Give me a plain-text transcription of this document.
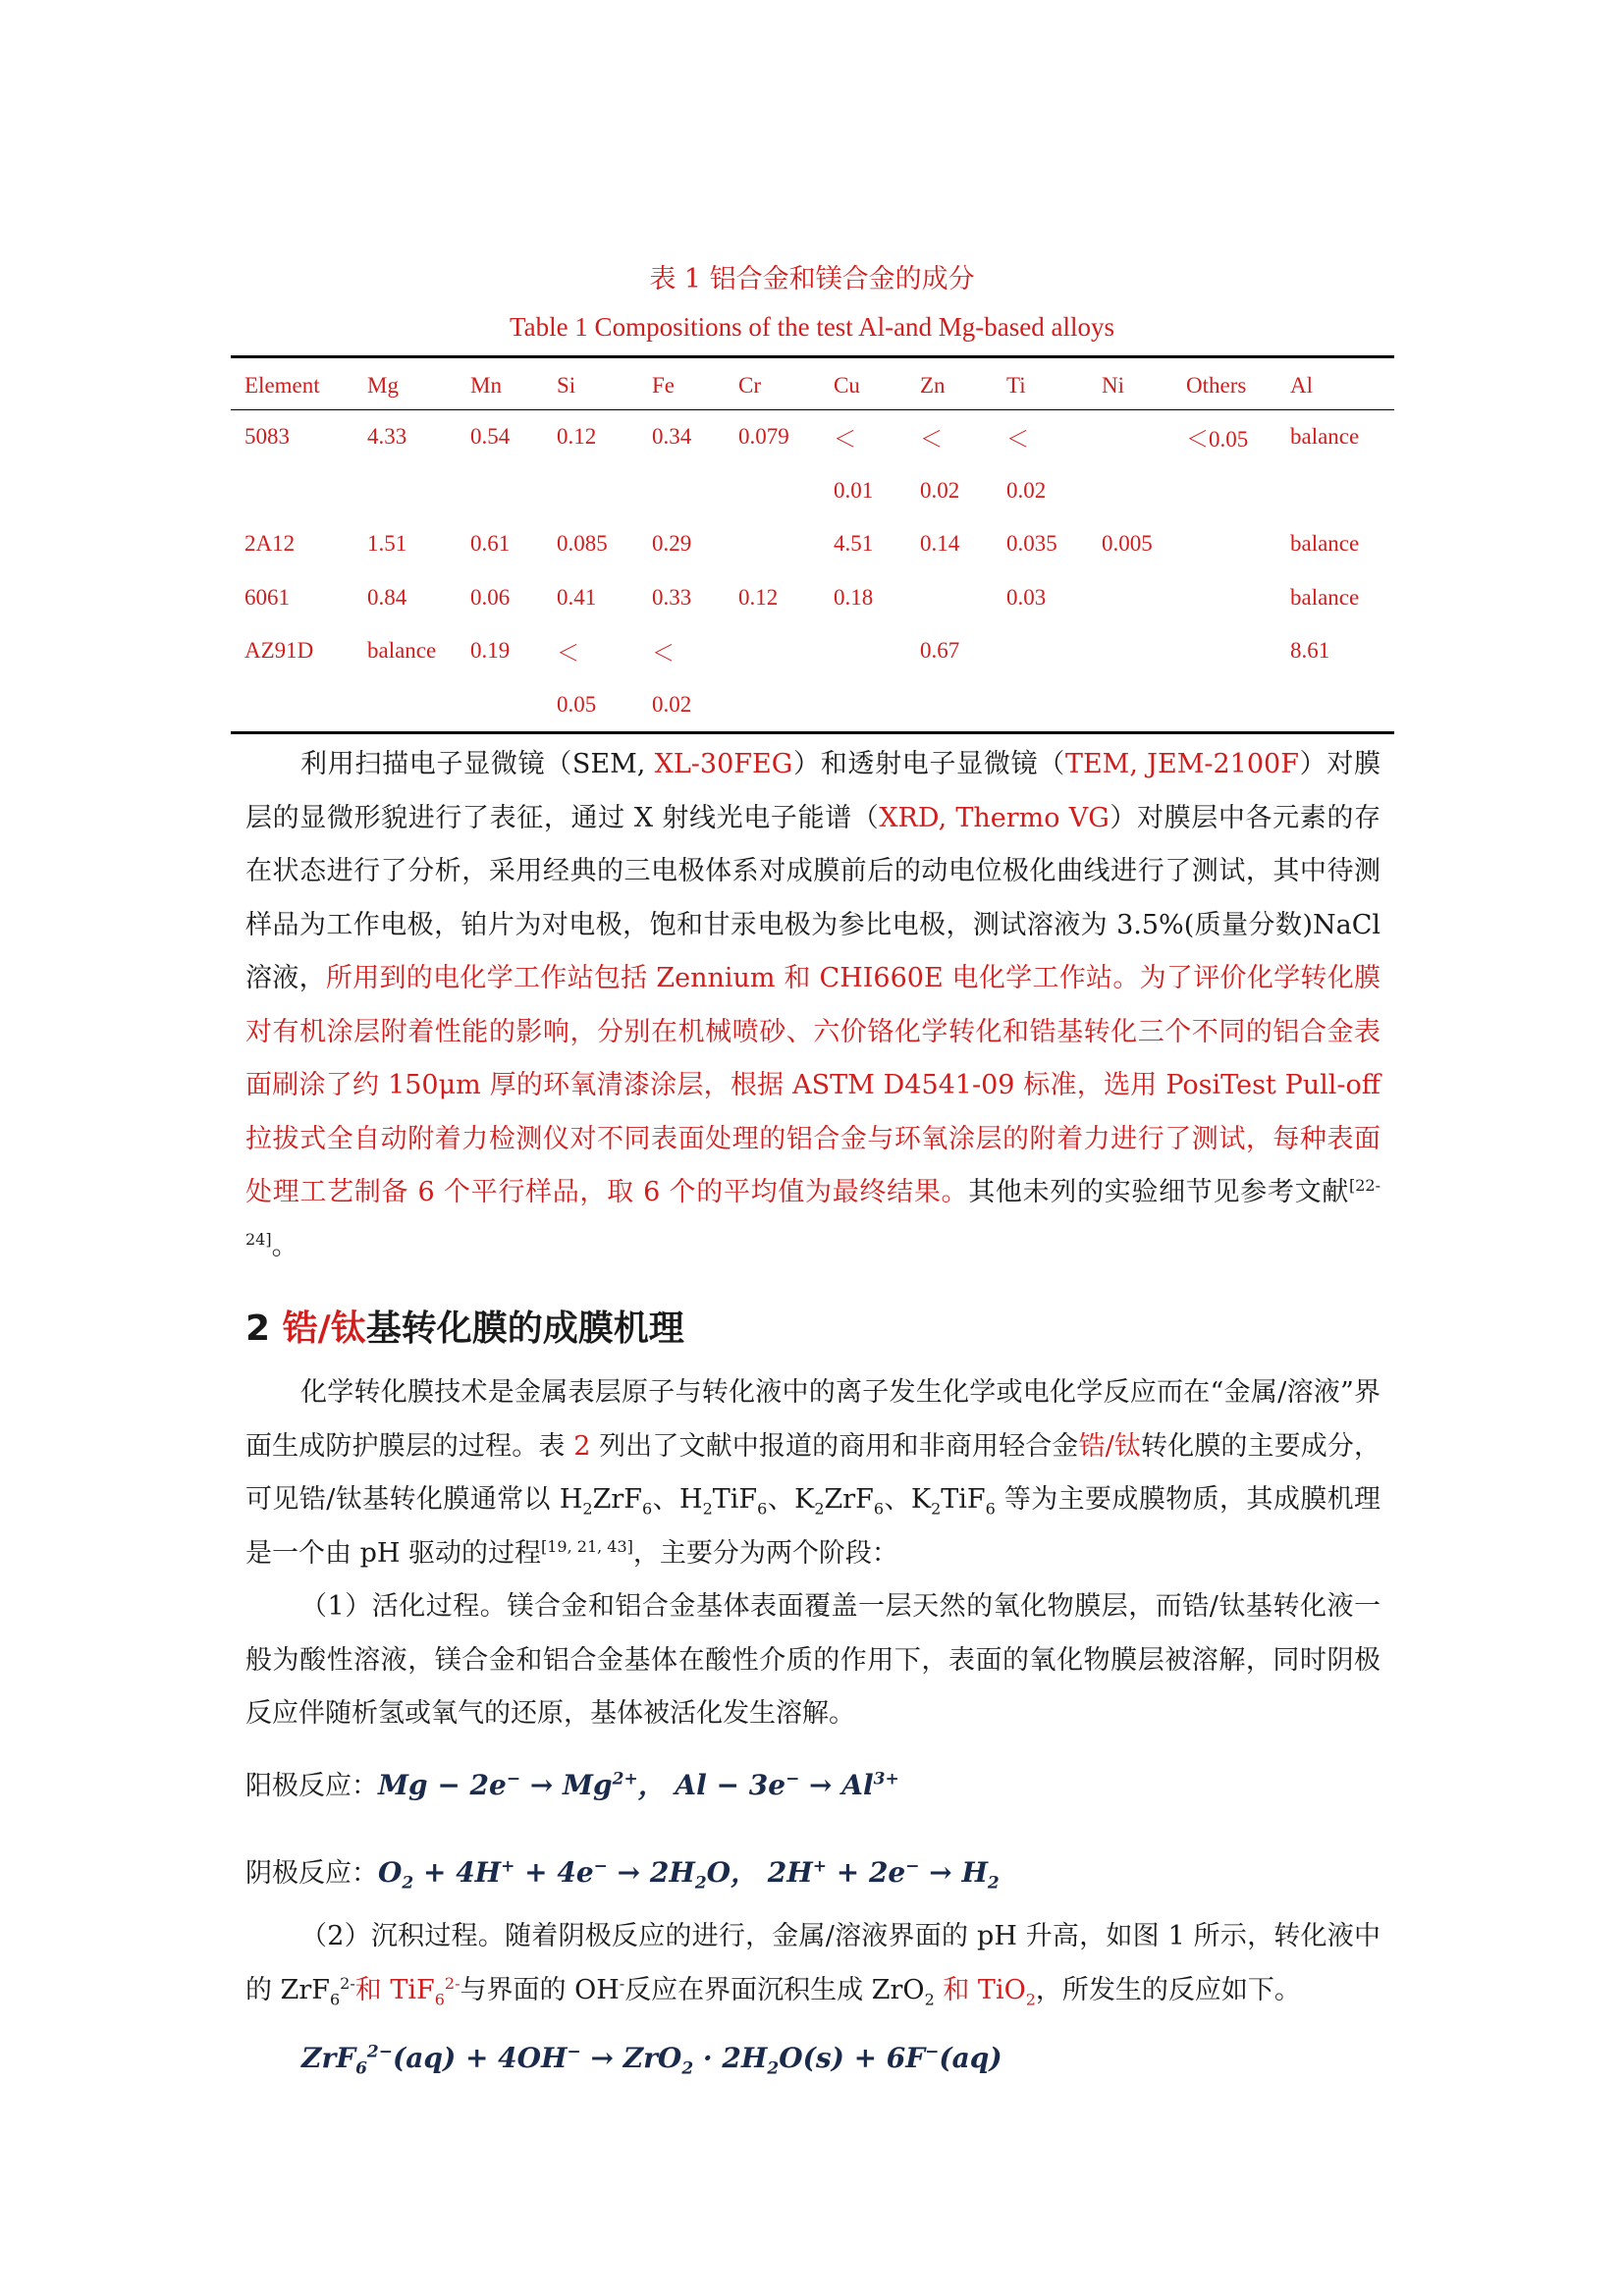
表 1 铝合金和镁合金的成分
Table 1 Compositions of the test Al-and Mg-based alloys
Element	Mg	Mn	Si	Fe	Cr	Cu	Zn	Ti	Ni	Others	Al
5083	4.33	0.54	0.12	0.34	0.079	＜	＜	＜		＜0.05	balance
						0.01	0.02	0.02			
2A12	1.51	0.61	0.085	0.29		4.51	0.14	0.035	0.005		balance
6061	0.84	0.06	0.41	0.33	0.12	0.18		0.03			balance
AZ91D	balance	0.19	＜	＜			0.67				8.61
			0.05	0.02							

利用扫描电子显微镜（SEM, XL-30FEG）和透射电子显微镜（TEM, JEM-2100F）对膜层的显微形貌进行了表征，通过 X 射线光电子能谱（XRD, Thermo VG）对膜层中各元素的存在状态进行了分析，采用经典的三电极体系对成膜前后的动电位极化曲线进行了测试，其中待测样品为工作电极，铂片为对电极，饱和甘汞电极为参比电极，测试溶液为 3.5%(质量分数)NaCl 溶液，所用到的电化学工作站包括 Zennium 和 CHI660E 电化学工作站。为了评价化学转化膜对有机涂层附着性能的影响，分别在机械喷砂、六价铬化学转化和锆基转化三个不同的铝合金表面刷涂了约 150μm 厚的环氧清漆涂层，根据 ASTM D4541-09 标准，选用 PosiTest Pull-off 拉拔式全自动附着力检测仪对不同表面处理的铝合金与环氧涂层的附着力进行了测试，每种表面处理工艺制备 6 个平行样品，取 6 个的平均值为最终结果。其他未列的实验细节见参考文献[22-24]。

2 锆/钛基转化膜的成膜机理

化学转化膜技术是金属表层原子与转化液中的离子发生化学或电化学反应而在“金属/溶液”界面生成防护膜层的过程。表 2 列出了文献中报道的商用和非商用轻合金锆/钛转化膜的主要成分，可见锆/钛基转化膜通常以 $H_2ZrF_6$、$H_2TiF_6$、$K_2ZrF_6$、$K_2TiF_6$ 等为主要成膜物质，其成膜机理是一个由 pH 驱动的过程[19, 21, 43]，主要分为两个阶段：

（1）活化过程。镁合金和铝合金基体表面覆盖一层天然的氧化物膜层，而锆/钛基转化液一般为酸性溶液，镁合金和铝合金基体在酸性介质的作用下，表面的氧化物膜层被溶解，同时阴极反应伴随析氢或氧气的还原，基体被活化发生溶解。

阳极反应：$Mg - 2e^- \to Mg^{2+}$， $Al - 3e^- \to Al^{3+}$
阴极反应：$O_2 + 4H^+ + 4e^- \to 2H_2O$， $2H^+ + 2e^- \to H_2$

（2）沉积过程。随着阴极反应的进行，金属/溶液界面的 pH 升高，如图 1 所示，转化液中的 ZrF$_6^{2-}$和 TiF$_6^{2-}$与界面的 OH-反应在界面沉积生成 ZrO$_2$ 和 TiO$_2$，所发生的反应如下。

$ZrF_6^{2-}(aq) + 4OH^- \to ZrO_2 \cdot 2H_2O(s) + 6F^-(aq)$
